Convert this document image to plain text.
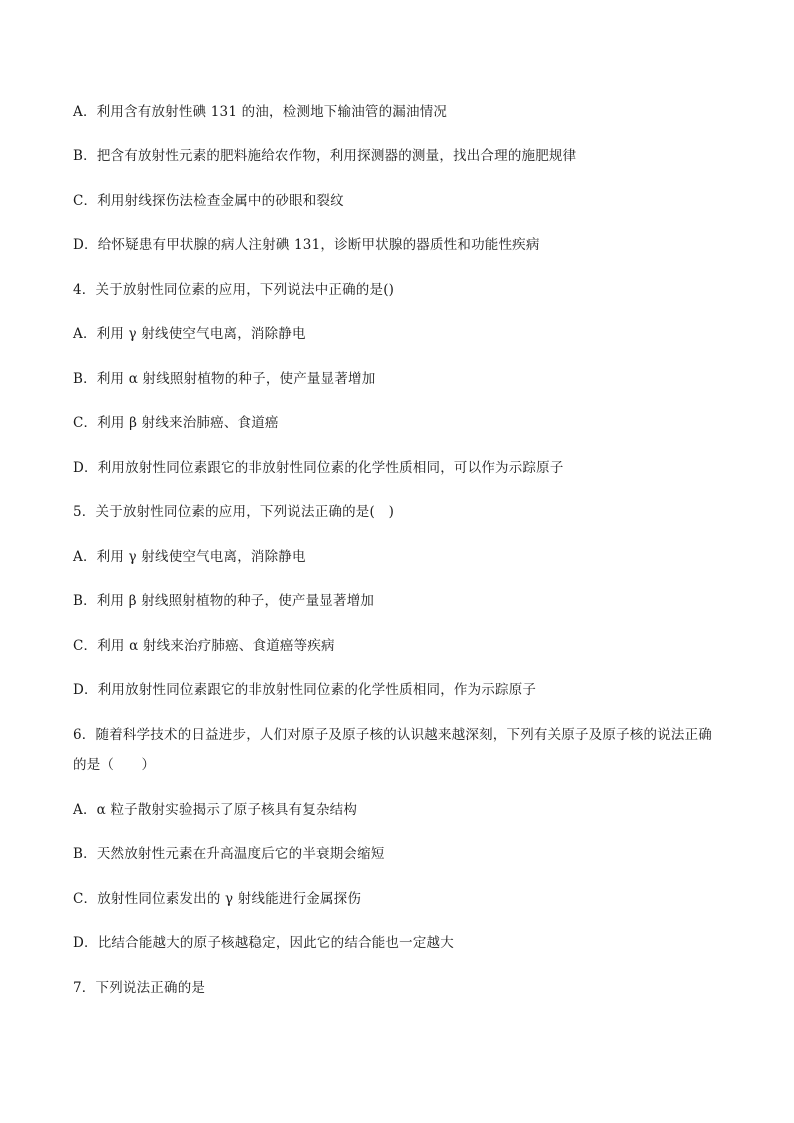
A．利用含有放射性碘 131 的油，检测地下输油管的漏油情况
B．把含有放射性元素的肥料施给农作物，利用探测器的测量，找出合理的施肥规律
C．利用射线探伤法检查金属中的砂眼和裂纹
D．给怀疑患有甲状腺的病人注射碘 131，诊断甲状腺的器质性和功能性疾病
4．关于放射性同位素的应用，下列说法中正确的是()
A．利用 γ 射线使空气电离，消除静电
B．利用 α 射线照射植物的种子，使产量显著增加
C．利用 β 射线来治肺癌、食道癌
D．利用放射性同位素跟它的非放射性同位素的化学性质相同，可以作为示踪原子
5．关于放射性同位素的应用，下列说法正确的是(　)
A．利用 γ 射线使空气电离，消除静电
B．利用 β 射线照射植物的种子，使产量显著增加
C．利用 α 射线来治疗肺癌、食道癌等疾病
D．利用放射性同位素跟它的非放射性同位素的化学性质相同，作为示踪原子
6．随着科学技术的日益进步，人们对原子及原子核的认识越来越深刻，下列有关原子及原子核的说法正确
的是（　　）
A．α 粒子散射实验揭示了原子核具有复杂结构
B．天然放射性元素在升高温度后它的半衰期会缩短
C．放射性同位素发出的 γ 射线能进行金属探伤
D．比结合能越大的原子核越稳定，因此它的结合能也一定越大
7．下列说法正确的是
